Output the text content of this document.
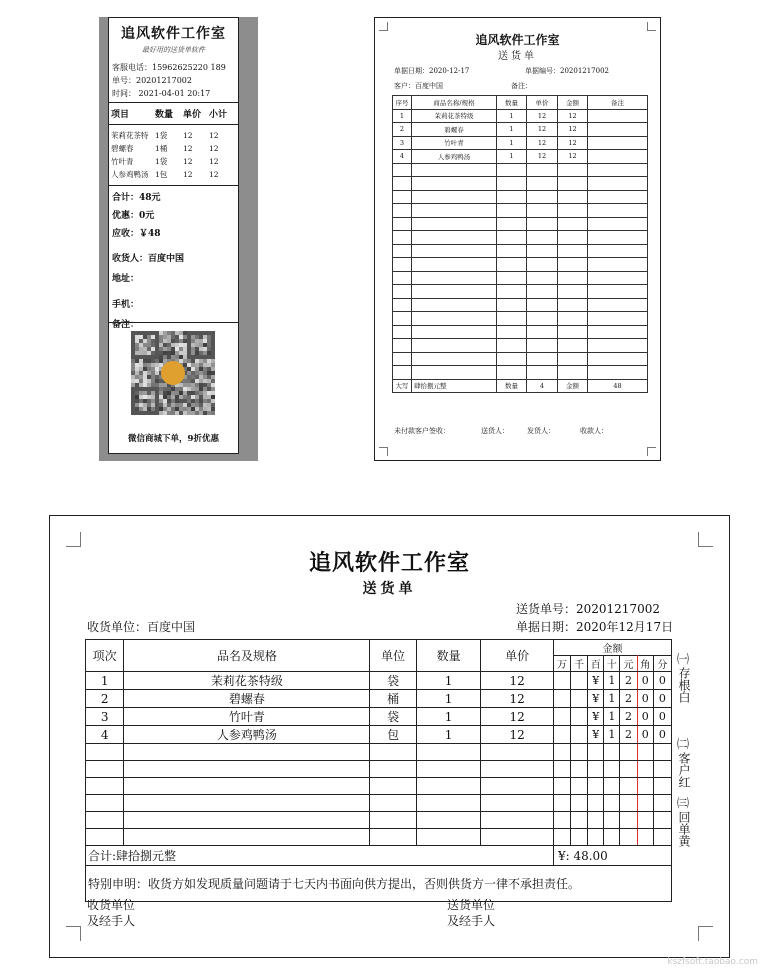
追风软件工作室
最好用的送货单软件
客服电话：15962625220 189
单号：20201217002
时间： 2021-04-01 20:17
项目	数量	单价 小计
茉莉花茶特 1袋	12	12
碧螺春	1桶	12	12
竹叶青	1袋	12	12
人参鸡鸭汤 1包	12	12
合计：48元
优惠：0元
应收：￥48
收货人：百度中国
地址：
手机：
备注：
微信商城下单，9折优惠
追风软件工作室
送货单
单据日期：2020-12-17	单据编号：20201217002
客户：百度中国	备注：
序号	商品名称/规格	数量	单价	金额	备注
1	茉莉花茶特级	1	12	12	
2	碧螺春	1	12	12	
3	竹叶青	1	12	12	
4	人参鸡鸭汤	1	12	12	

大写	肆拾捌元整	数量	4	金额	48
未付款客户签收：	送货人：	发货人：	收款人：
追风软件工作室
送货单
送货单号：20201217002
收货单位：百度中国	单据日期：2020年12月17日
项次	品名及规格	单位	数量	单价	金额						
					万	千	百	十	元	角	分
1	茉莉花茶特级	袋	1	12			¥	1	2	0	0
2	碧螺春	桶	1	12			¥	1	2	0	0
3	竹叶青	袋	1	12			¥	1	2	0	0
4	人参鸡鸭汤	包	1	12			¥	1	2	0	0

合计:肆拾捌元整					¥: 48.00						
特别申明：收货方如发现质量问题请于七天内书面向供方提出，否则供货方一律不承担责任。											
㈠
存根白
㈡
客户红
㈢
回单黄
收货单位
及经手人
送货单位
及经手人
kszfsoft.taobao.com
